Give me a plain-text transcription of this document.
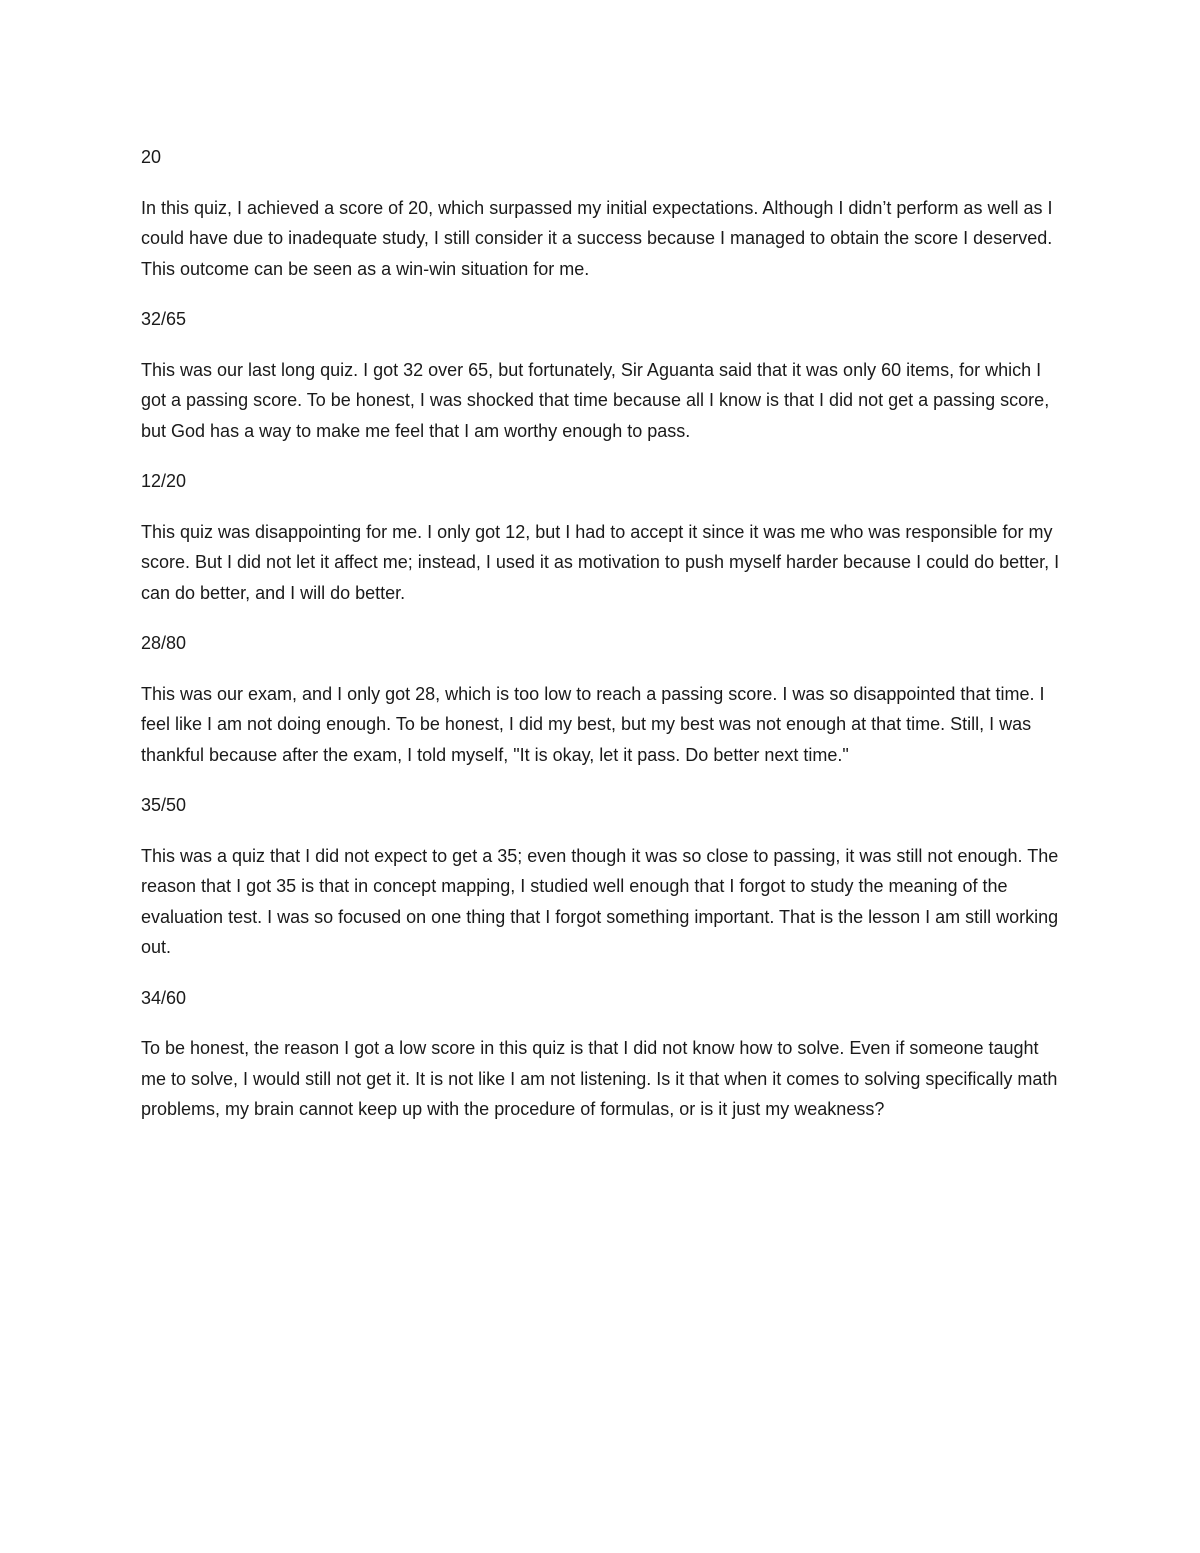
20

In this quiz, I achieved a score of 20, which surpassed my initial expectations. Although I didn’t perform as well as I could have due to inadequate study, I still consider it a success because I managed to obtain the score I deserved. This outcome can be seen as a win-win situation for me.

32/65

This was our last long quiz. I got 32 over 65, but fortunately, Sir Aguanta said that it was only 60 items, for which I got a passing score. To be honest, I was shocked that time because all I know is that I did not get a passing score, but God has a way to make me feel that I am worthy enough to pass.

12/20

This quiz was disappointing for me. I only got 12, but I had to accept it since it was me who was responsible for my score. But I did not let it affect me; instead, I used it as motivation to push myself harder because I could do better, I can do better, and I will do better.

28/80

This was our exam, and I only got 28, which is too low to reach a passing score. I was so disappointed that time. I feel like I am not doing enough. To be honest, I did my best, but my best was not enough at that time. Still, I was thankful because after the exam, I told myself, "It is okay, let it pass. Do better next time."

35/50

This was a quiz that I did not expect to get a 35; even though it was so close to passing, it was still not enough. The reason that I got 35 is that in concept mapping, I studied well enough that I forgot to study the meaning of the evaluation test. I was so focused on one thing that I forgot something important. That is the lesson I am still working out.

34/60

To be honest, the reason I got a low score in this quiz is that I did not know how to solve. Even if someone taught me to solve, I would still not get it. It is not like I am not listening. Is it that when it comes to solving specifically math problems, my brain cannot keep up with the procedure of formulas, or is it just my weakness?
